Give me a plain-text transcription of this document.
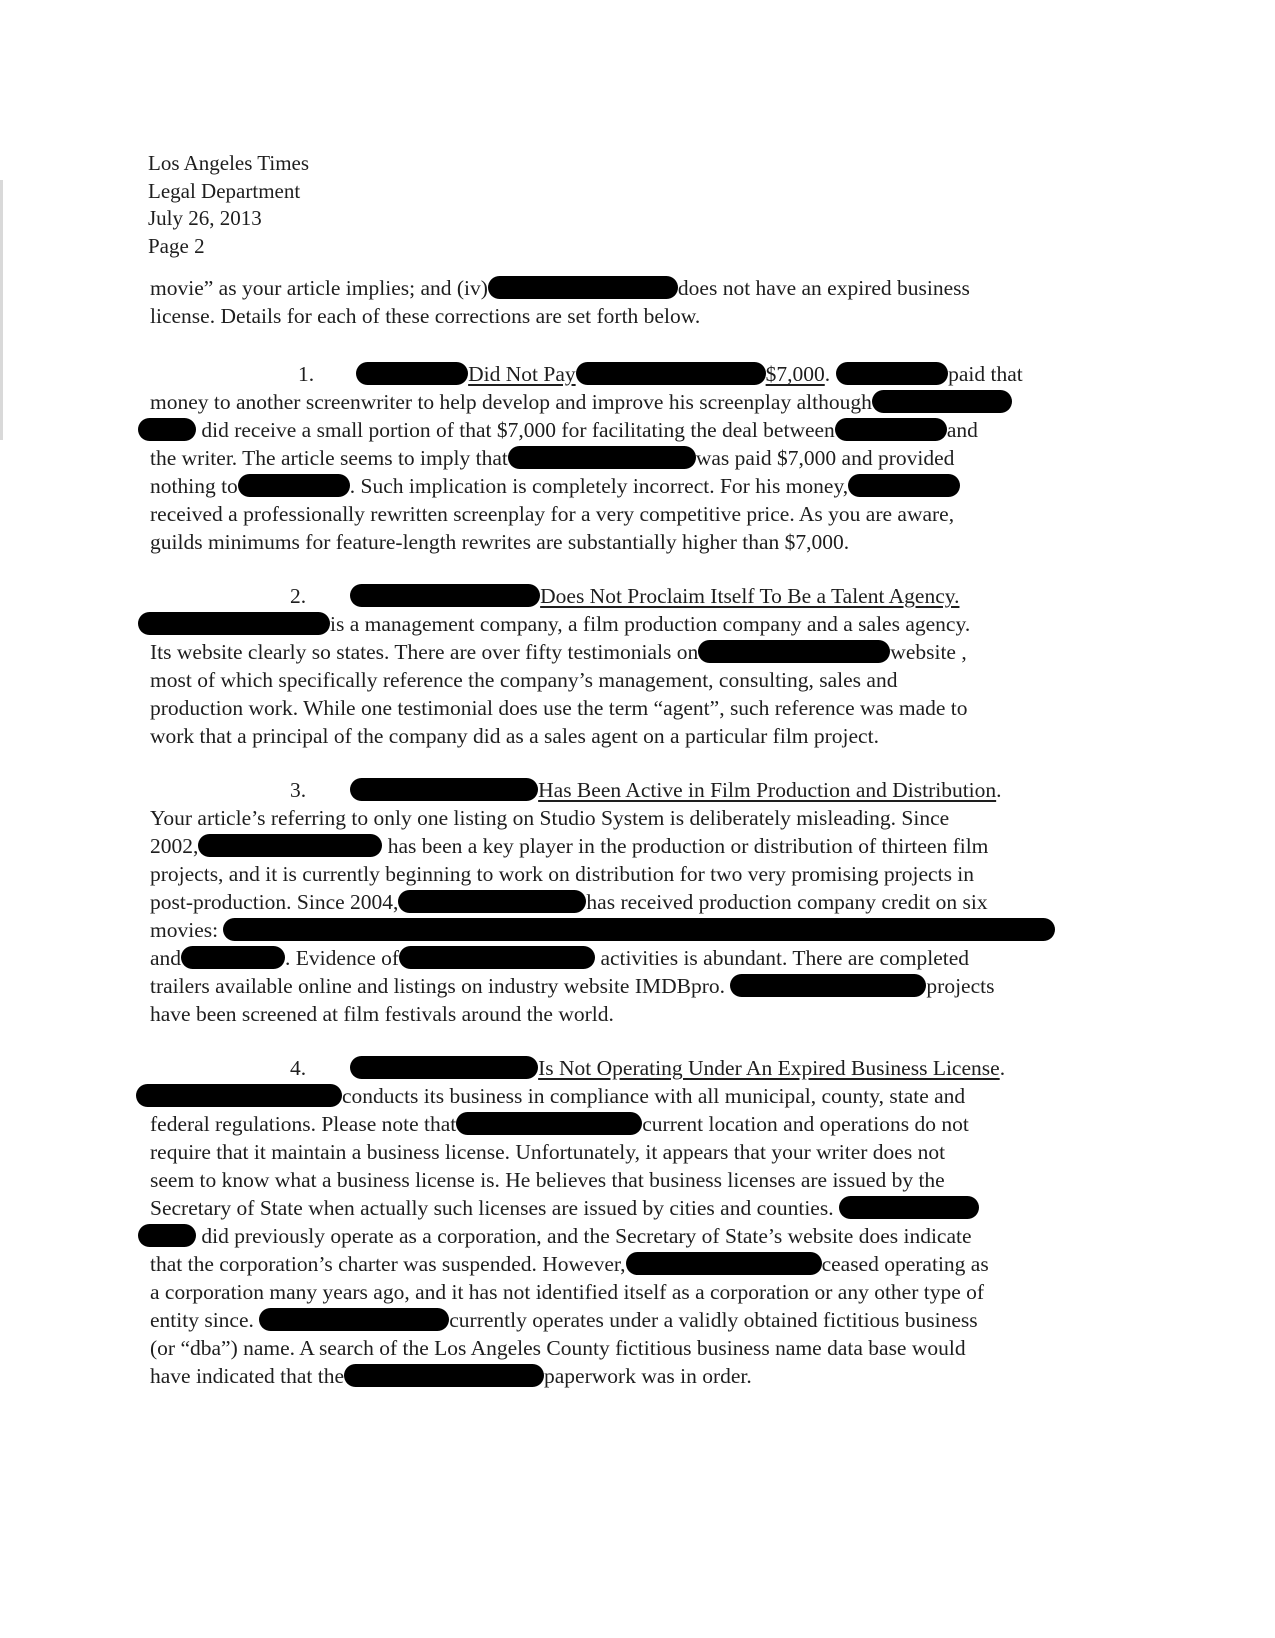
Los Angeles Times
Legal Department
July 26, 2013
Page 2
movie” as your article implies; and (iv)	does not have an expired business
license. Details for each of these corrections are set forth below.
1.	Did Not Pay	$7,000.	paid that
money to another screenwriter to help develop and improve his screenplay although
did receive a small portion of that $7,000 for facilitating the deal between	and
the writer. The article seems to imply that	was paid $7,000 and provided
nothing to	. Such implication is completely incorrect. For his money,
received a professionally rewritten screenplay for a very competitive price. As you are aware,
guilds minimums for feature-length rewrites are substantially higher than $7,000.
2.	Does Not Proclaim Itself To Be a Talent Agency.
is a management company, a film production company and a sales agency.
Its website clearly so states. There are over fifty testimonials on	website ,
most of which specifically reference the company’s management, consulting, sales and
production work. While one testimonial does use the term “agent”, such reference was made to
work that a principal of the company did as a sales agent on a particular film project.
3.	Has Been Active in Film Production and Distribution.
Your article’s referring to only one listing on Studio System is deliberately misleading. Since
2002,	has been a key player in the production or distribution of thirteen film
projects, and it is currently beginning to work on distribution for two very promising projects in
post-production. Since 2004,	has received production company credit on six
movies:
and	. Evidence of	activities is abundant. There are completed
trailers available online and listings on industry website IMDBpro.	projects
have been screened at film festivals around the world.
4.	Is Not Operating Under An Expired Business License.
conducts its business in compliance with all municipal, county, state and
federal regulations. Please note that	current location and operations do not
require that it maintain a business license. Unfortunately, it appears that your writer does not
seem to know what a business license is. He believes that business licenses are issued by the
Secretary of State when actually such licenses are issued by cities and counties.
did previously operate as a corporation, and the Secretary of State’s website does indicate
that the corporation’s charter was suspended. However,	ceased operating as
a corporation many years ago, and it has not identified itself as a corporation or any other type of
entity since.	currently operates under a validly obtained fictitious business
(or “dba”) name. A search of the Los Angeles County fictitious business name data base would
have indicated that the	paperwork was in order.
